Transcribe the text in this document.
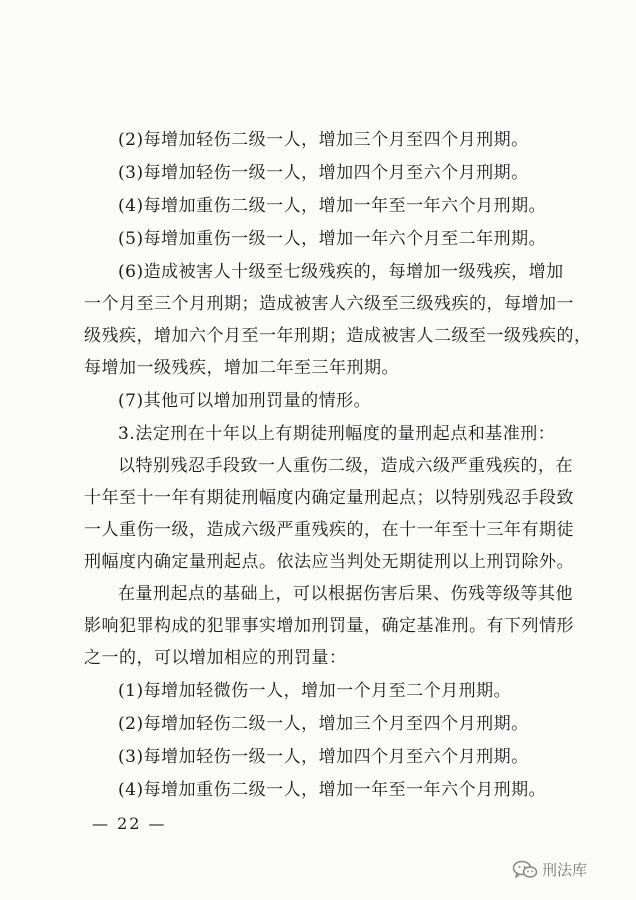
(2)每增加轻伤二级一人，增加三个月至四个月刑期。
(3)每增加轻伤一级一人，增加四个月至六个月刑期。
(4)每增加重伤二级一人，增加一年至一年六个月刑期。
(5)每增加重伤一级一人，增加一年六个月至二年刑期。
(6)造成被害人十级至七级残疾的，每增加一级残疾，增加
一个月至三个月刑期；造成被害人六级至三级残疾的，每增加一
级残疾，增加六个月至一年刑期；造成被害人二级至一级残疾的，
每增加一级残疾，增加二年至三年刑期。
(7)其他可以增加刑罚量的情形。
3.法定刑在十年以上有期徒刑幅度的量刑起点和基准刑：
以特别残忍手段致一人重伤二级，造成六级严重残疾的，在
十年至十一年有期徒刑幅度内确定量刑起点；以特别残忍手段致
一人重伤一级，造成六级严重残疾的，在十一年至十三年有期徒
刑幅度内确定量刑起点。依法应当判处无期徒刑以上刑罚除外。
在量刑起点的基础上，可以根据伤害后果、伤残等级等其他
影响犯罪构成的犯罪事实增加刑罚量，确定基准刑。有下列情形
之一的，可以增加相应的刑罚量：
(1)每增加轻微伤一人，增加一个月至二个月刑期。
(2)每增加轻伤二级一人，增加三个月至四个月刑期。
(3)每增加轻伤一级一人，增加四个月至六个月刑期。
(4)每增加重伤二级一人，增加一年至一年六个月刑期。
— 22 —
刑法库
